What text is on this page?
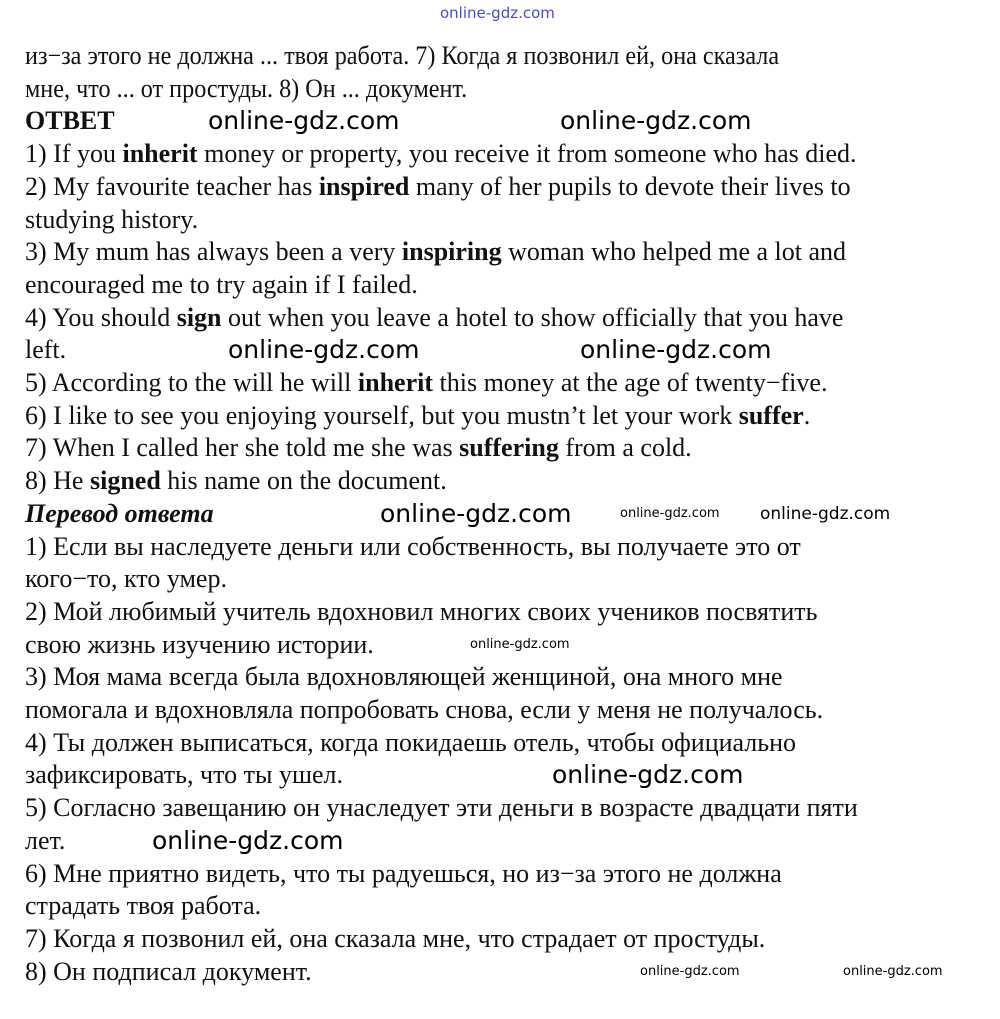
из−за этого не должна ... твоя работа. 7) Когда я позвонил ей, она сказала
мне, что ... от простуды. 8) Он ... документ.
ОТВЕТ
1) If you inherit money or property, you receive it from someone who has died.
2) My favourite teacher has inspired many of her pupils to devote their lives to
studying history.
3) My mum has always been a very inspiring woman who helped me a lot and
encouraged me to try again if I failed.
4) You should sign out when you leave a hotel to show officially that you have
left.
5) According to the will he will inherit this money at the age of twenty−five.
6) I like to see you enjoying yourself, but you mustn’t let your work suffer.
7) When I called her she told me she was suffering from a cold.
8) He signed his name on the document.
Перевод ответа
1) Если вы наследуете деньги или собственность, вы получаете это от
кого−то, кто умер.
2) Мой любимый учитель вдохновил многих своих учеников посвятить
свою жизнь изучению истории.
3) Моя мама всегда была вдохновляющей женщиной, она много мне
помогала и вдохновляла попробовать снова, если у меня не получалось.
4) Ты должен выписаться, когда покидаешь отель, чтобы официально
зафиксировать, что ты ушел.
5) Согласно завещанию он унаследует эти деньги в возрасте двадцати пяти
лет.
6) Мне приятно видеть, что ты радуешься, но из−за этого не должна
страдать твоя работа.
7) Когда я позвонил ей, она сказала мне, что страдает от простуды.
8) Он подписал документ.
online-gdz.com
online-gdz.com	online-gdz.com
online-gdz.com	online-gdz.com
online-gdz.com	online-gdz.com online-gdz.com
online-gdz.com
online-gdz.com
online-gdz.com
online-gdz.com	online-gdz.com
